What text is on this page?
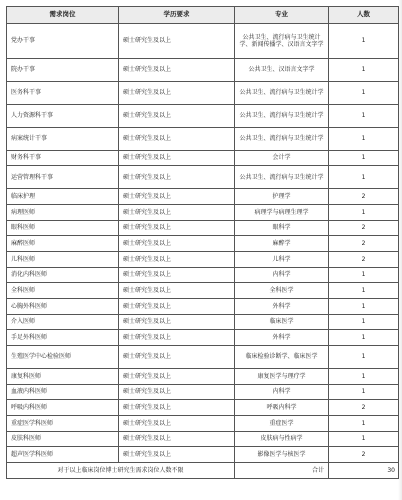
需求岗位	学历要求	专业	人数
党办干事	硕士研究生及以上	公共卫生、流行病与卫生统计学、新闻传播学、汉语言文字学	1
院办干事	硕士研究生及以上	公共卫生、汉语言文字学	1
医务科干事	硕士研究生及以上	公共卫生、流行病与卫生统计学	1
人力资源科干事	硕士研究生及以上	公共卫生、流行病与卫生统计学	1
病案统计干事	硕士研究生及以上	公共卫生、流行病与卫生统计学	1
财务科干事	硕士研究生及以上	会计学	1
运营管理科干事	硕士研究生及以上	公共卫生、流行病与卫生统计学	1
临床护理	硕士研究生及以上	护理学	2
病理医师	硕士研究生及以上	病理学与病理生理学	1
眼科医师	硕士研究生及以上	眼科学	2
麻醉医师	硕士研究生及以上	麻醉学	2
儿科医师	硕士研究生及以上	儿科学	2
消化内科医师	硕士研究生及以上	内科学	1
全科医师	硕士研究生及以上	全科医学	1
心胸外科医师	硕士研究生及以上	外科学	1
介入医师	硕士研究生及以上	临床医学	1
手足外科医师	硕士研究生及以上	外科学	1
生殖医学中心检验医师	硕士研究生及以上	临床检验诊断学、临床医学	1
康复科医师	硕士研究生及以上	康复医学与理疗学	1
血液内科医师	硕士研究生及以上	内科学	1
呼吸内科医师	硕士研究生及以上	呼吸内科学	2
重症医学科医师	硕士研究生及以上	重症医学	1
皮肤科医师	硕士研究生及以上	皮肤病与性病学	1
超声医学科医师	硕士研究生及以上	影像医学与核医学	2
对于以上临床岗位博士研究生需求岗位人数不限		合计	30
